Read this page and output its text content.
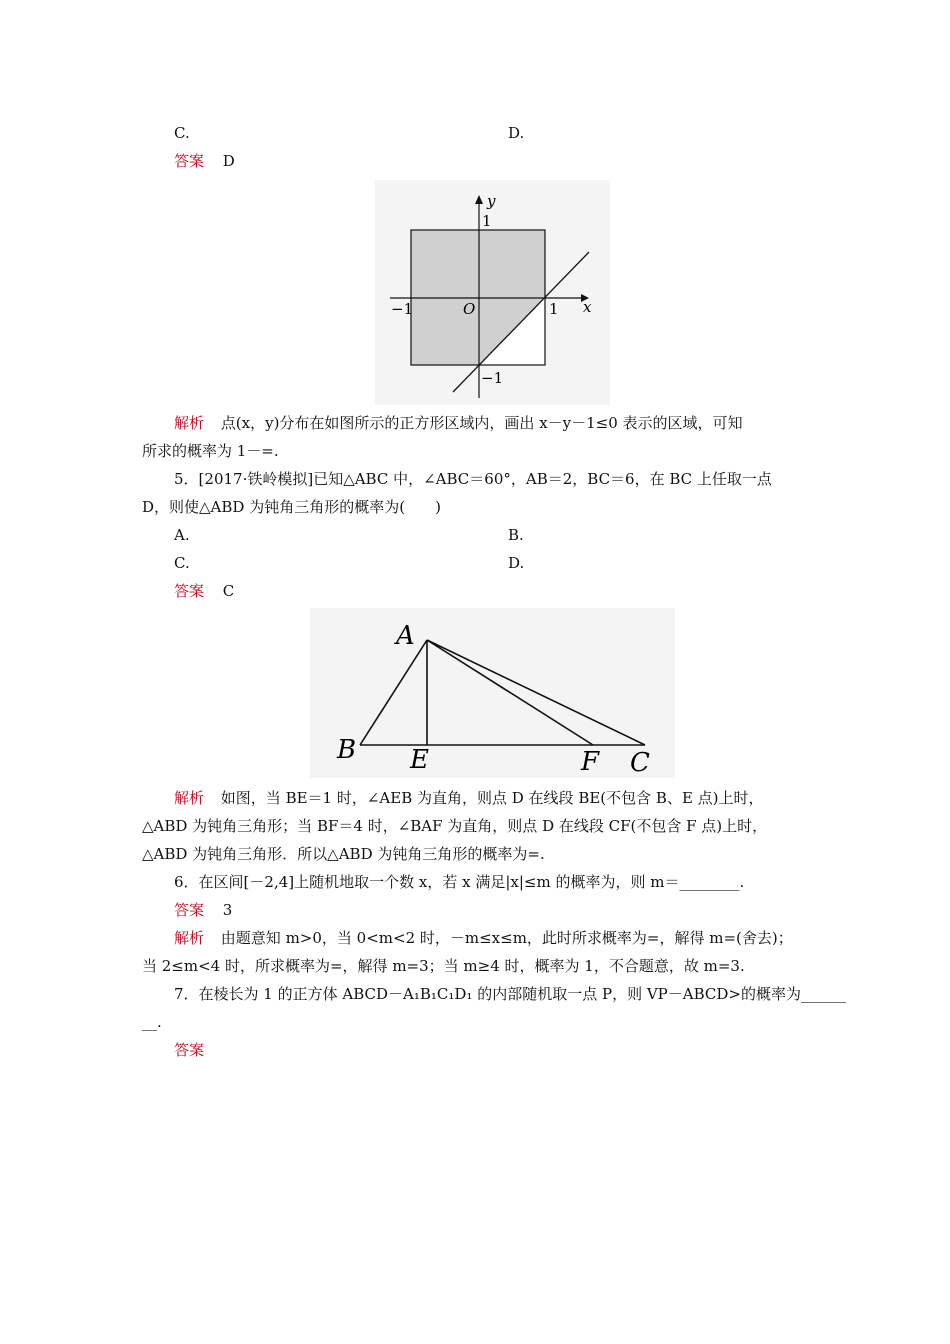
C.	D.
答案 D
y
1
x
O	1
−1
−1
解析 点(x，y)分布在如图所示的正方形区域内，画出 x－y－1≤0 表示的区域，可知
所求的概率为 1－=.
5．[2017·铁岭模拟]已知△ABC 中，∠ABC＝60°，AB＝2，BC＝6，在 BC 上任取一点
D，则使△ABD 为钝角三角形的概率为(　　)
A.	B.
C.	D.
答案 C
A
B E	F C
解析 如图，当 BE＝1 时，∠AEB 为直角，则点 D 在线段 BE(不包含 B、E 点)上时，
△ABD 为钝角三角形；当 BF＝4 时，∠BAF 为直角，则点 D 在线段 CF(不包含 F 点)上时，
△ABD 为钝角三角形．所以△ABD 为钝角三角形的概率为=.
6．在区间[－2,4]上随机地取一个数 x，若 x 满足|x|≤m 的概率为，则 m＝________.
答案 3
解析 由题意知 m>0，当 0<m<2 时，－m≤x≤m，此时所求概率为=，解得 m=(舍去)；
当 2≤m<4 时，所求概率为=，解得 m=3；当 m≥4 时，概率为 1，不合题意，故 m=3.
7．在棱长为 1 的正方体 ABCD－A₁B₁C₁D₁ 的内部随机取一点 P，则 VP－ABCD>的概率为______
__.
答案
